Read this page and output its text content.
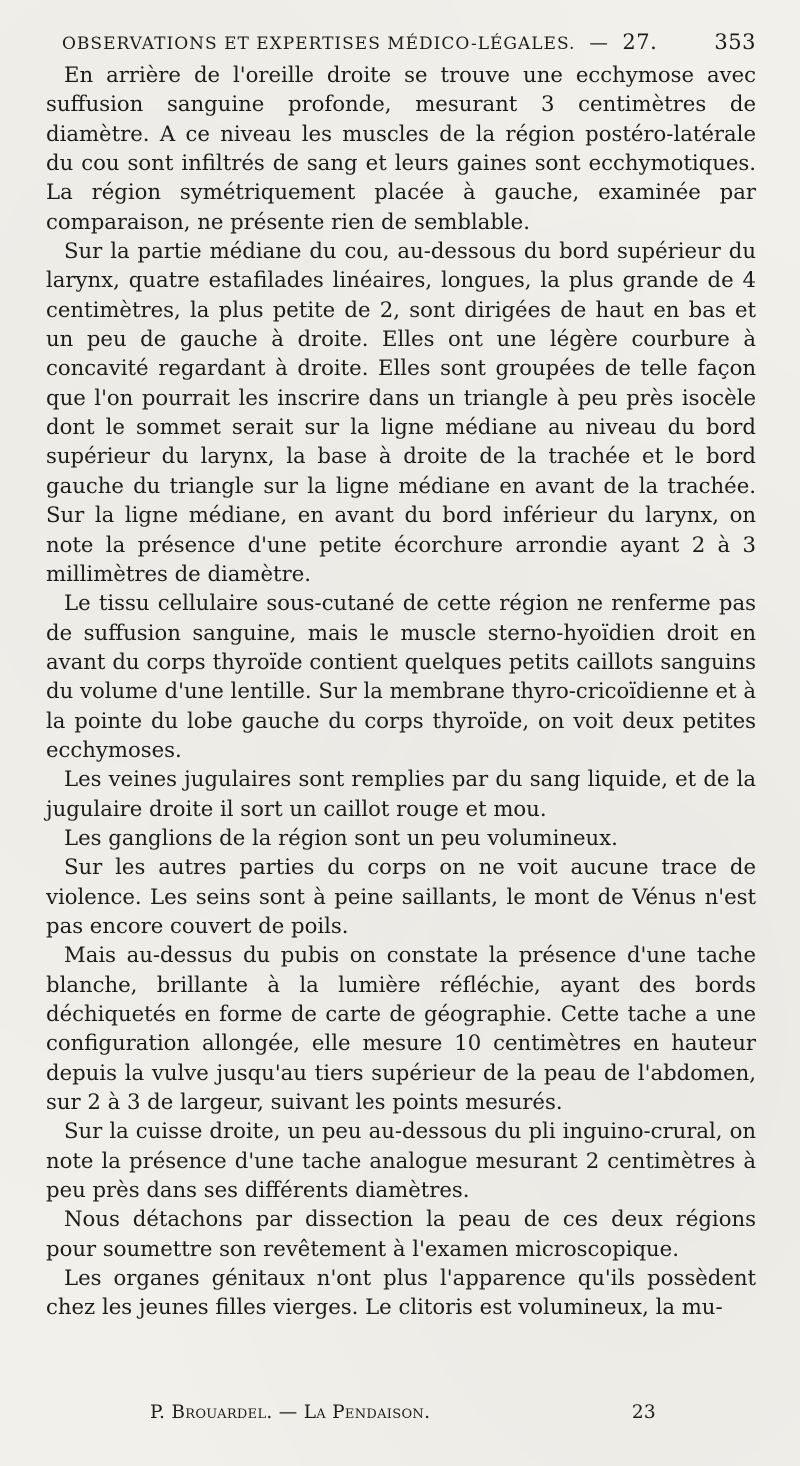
OBSERVATIONS ET EXPERTISES MÉDICO-LÉGALES. — 27.	353

En arrière de l'oreille droite se trouve une ecchymose avec suffusion sanguine profonde, mesurant 3 centimètres de diamètre. A ce niveau les muscles de la région postéro-latérale du cou sont infiltrés de sang et leurs gaines sont ecchymotiques. La région symétriquement placée à gauche, examinée par comparaison, ne présente rien de semblable.

Sur la partie médiane du cou, au-dessous du bord supérieur du larynx, quatre estafilades linéaires, longues, la plus grande de 4 centimètres, la plus petite de 2, sont dirigées de haut en bas et un peu de gauche à droite. Elles ont une légère courbure à concavité regardant à droite. Elles sont groupées de telle façon que l'on pourrait les inscrire dans un triangle à peu près isocèle dont le sommet serait sur la ligne médiane au niveau du bord supérieur du larynx, la base à droite de la trachée et le bord gauche du triangle sur la ligne médiane en avant de la trachée. Sur la ligne médiane, en avant du bord inférieur du larynx, on note la présence d'une petite écorchure arrondie ayant 2 à 3 millimètres de diamètre.

Le tissu cellulaire sous-cutané de cette région ne renferme pas de suffusion sanguine, mais le muscle sterno-hyoïdien droit en avant du corps thyroïde contient quelques petits caillots sanguins du volume d'une lentille. Sur la membrane thyro-cricoïdienne et à la pointe du lobe gauche du corps thyroïde, on voit deux petites ecchymoses.

Les veines jugulaires sont remplies par du sang liquide, et de la jugulaire droite il sort un caillot rouge et mou.

Les ganglions de la région sont un peu volumineux.

Sur les autres parties du corps on ne voit aucune trace de violence. Les seins sont à peine saillants, le mont de Vénus n'est pas encore couvert de poils.

Mais au-dessus du pubis on constate la présence d'une tache blanche, brillante à la lumière réfléchie, ayant des bords déchiquetés en forme de carte de géographie. Cette tache a une configuration allongée, elle mesure 10 centimètres en hauteur depuis la vulve jusqu'au tiers supérieur de la peau de l'abdomen, sur 2 à 3 de largeur, suivant les points mesurés.

Sur la cuisse droite, un peu au-dessous du pli inguino-crural, on note la présence d'une tache analogue mesurant 2 centimètres à peu près dans ses différents diamètres.

Nous détachons par dissection la peau de ces deux régions pour soumettre son revêtement à l'examen microscopique.

Les organes génitaux n'ont plus l'apparence qu'ils possèdent chez les jeunes filles vierges. Le clitoris est volumineux, la mu-

P. Brouardel. — La Pendaison.	23
